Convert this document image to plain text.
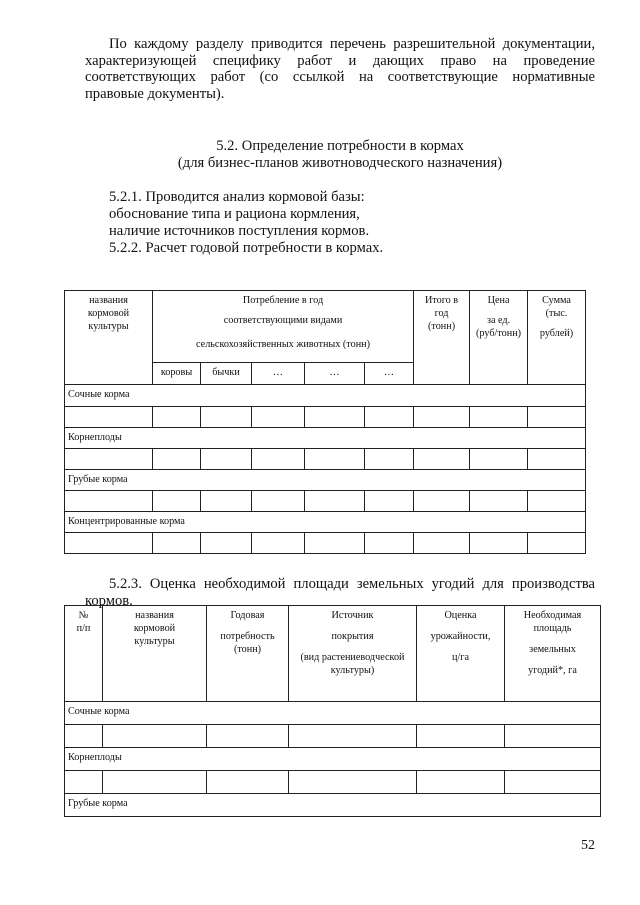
По каждому разделу приводится перечень разрешительной документации,
характеризующей специфику работ и дающих право на проведение
соответствующих работ (со ссылкой на соответствующие нормативные
правовые документы).
5.2. Определение потребности в кормах
(для бизнес-планов животноводческого назначения)
5.2.1. Проводится анализ кормовой базы:
обоснование типа и рациона кормления,
наличие источников поступления кормов.
5.2.2. Расчет годовой потребности в кормах.
названия
кормовой
культуры	Потребление в год
соответствующими видами
сельскохозяйственных животных (тонн)					Итого в
год
(тонн)	Цена
за ед.
(руб/тонн)	Сумма
(тыс.
рублей)

	коровы	бычки	…	…	…			
Сочные корма								

Корнеплоды								

Грубые корма								

Концентрированные корма								

5.2.3. Оценка необходимой площади земельных угодий для производства
кормов.
№
п/п	названия
кормовой
культуры	Годовая
потребность
(тонн)	Источник
покрытия
(вид растениеводческой
культуры)	Оценка
урожайности,
ц/га	Необходимая
площадь
земельных
угодий*, га

Сочные корма					

Корнеплоды					

Грубые корма					
52
